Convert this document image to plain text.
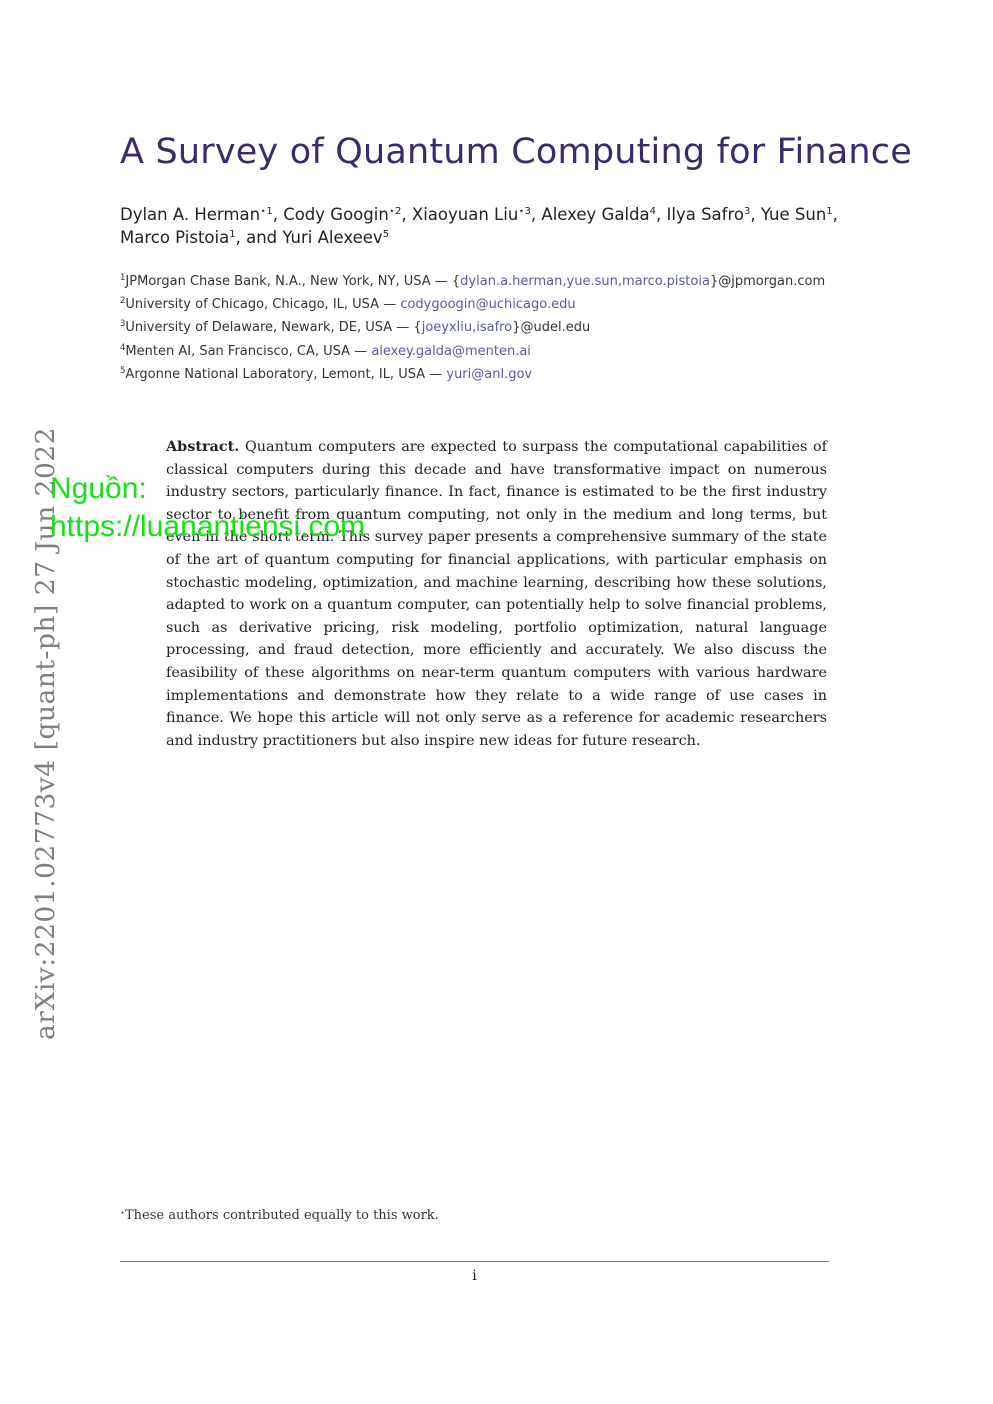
arXiv:2201.02773v4 [quant-ph] 27 Jun 2022
A Survey of Quantum Computing for Finance
Dylan A. Herman$^{⋆1}$, Cody Googin$^{⋆2}$, Xiaoyuan Liu$^{⋆3}$, Alexey Galda$^4$, Ilya Safro$^3$, Yue Sun$^1$, Marco Pistoia$^1$, and Yuri Alexeev$^5$
$^1$JPMorgan Chase Bank, N.A., New York, NY, USA — {dylan.a.herman,yue.sun,marco.pistoia}@jpmorgan.com
$^2$University of Chicago, Chicago, IL, USA — codygoogin@uchicago.edu
$^3$University of Delaware, Newark, DE, USA — {joeyxliu,isafro}@udel.edu
$^4$Menten AI, San Francisco, CA, USA — alexey.galda@menten.ai
$^5$Argonne National Laboratory, Lemont, IL, USA — yuri@anl.gov
Abstract. Quantum computers are expected to surpass the computational capabilities of classical computers during this decade and have transformative impact on numerous industry sectors, particularly finance. In fact, finance is estimated to be the first industry sector to benefit from quantum computing, not only in the medium and long terms, but even in the short term. This survey paper presents a comprehensive summary of the state of the art of quantum computing for financial applications, with particular emphasis on stochastic modeling, optimization, and machine learning, describing how these solutions, adapted to work on a quantum computer, can potentially help to solve financial problems, such as derivative pricing, risk modeling, portfolio optimization, natural language processing, and fraud detection, more efficiently and accurately. We also discuss the feasibility of these algorithms on near-term quantum computers with various hardware implementations and demonstrate how they relate to a wide range of use cases in finance. We hope this article will not only serve as a reference for academic researchers and industry practitioners but also inspire new ideas for future research.
Nguồn:
https://luanantiensi.com
⋆These authors contributed equally to this work.
i
